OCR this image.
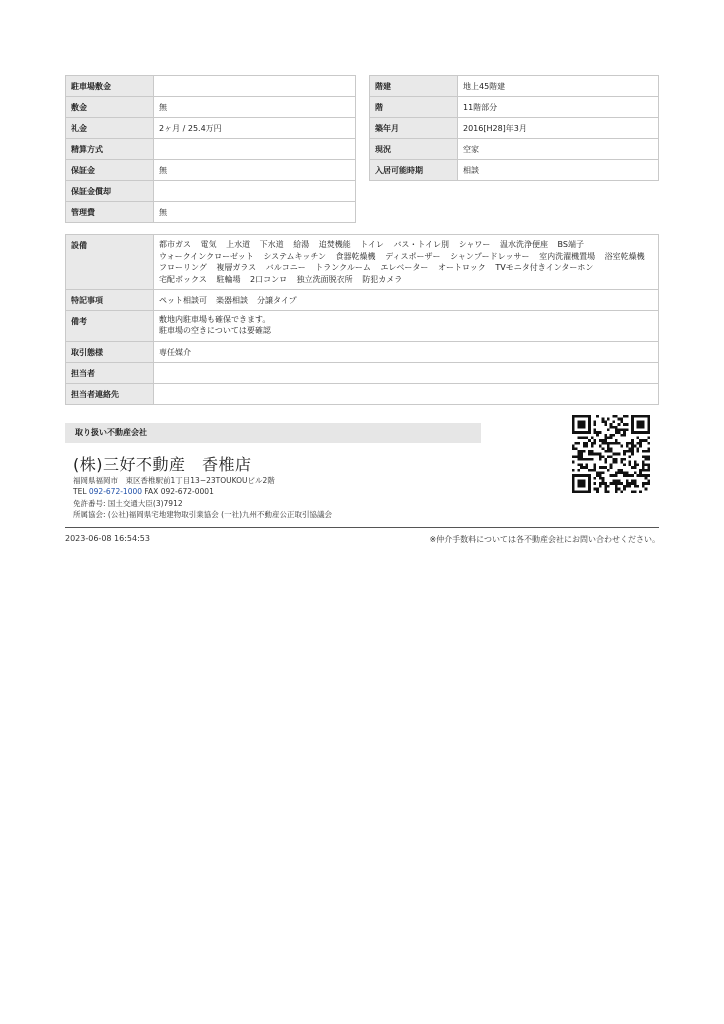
駐車場敷金	
敷金	無
礼金	2ヶ月 / 25.4万円
精算方式	
保証金	無
保証金償却	
管理費	無
階建	地上45階建
階	11階部分
築年月	2016[H28]年3月
現況	空家
入居可能時期	相談
設備	都市ガス 電気 上水道 下水道 給湯 追焚機能 トイレ バス・トイレ別 シャワー 温水洗浄便座 BS端子 ウォークインクローゼット システムキッチン 食器乾燥機 ディスポーザー シャンプードレッサー 室内洗濯機置場 浴室乾燥機 フローリング 複層ガラス バルコニー トランクルーム エレベーター オートロック TVモニタ付きインターホン 宅配ボックス 駐輪場 2口コンロ 独立洗面脱衣所 防犯カメラ
特記事項	ペット相談可 楽器相談 分譲タイプ
備考	敷地内駐車場も確保できます。
駐車場の空きについては要確認

取引態様	専任媒介
担当者	
担当者連絡先	
取り扱い不動産会社
(株)三好不動産　香椎店
福岡県福岡市　東区香椎駅前1丁目13−23TOUKOUビル2階
TEL 092-672-1000 FAX 092-672-0001
免許番号: 国土交通大臣(3)7912
所属協会: (公社)福岡県宅地建物取引業協会 (一社)九州不動産公正取引協議会
2023-06-08 16:54:53	※仲介手数料については各不動産会社にお問い合わせください。
